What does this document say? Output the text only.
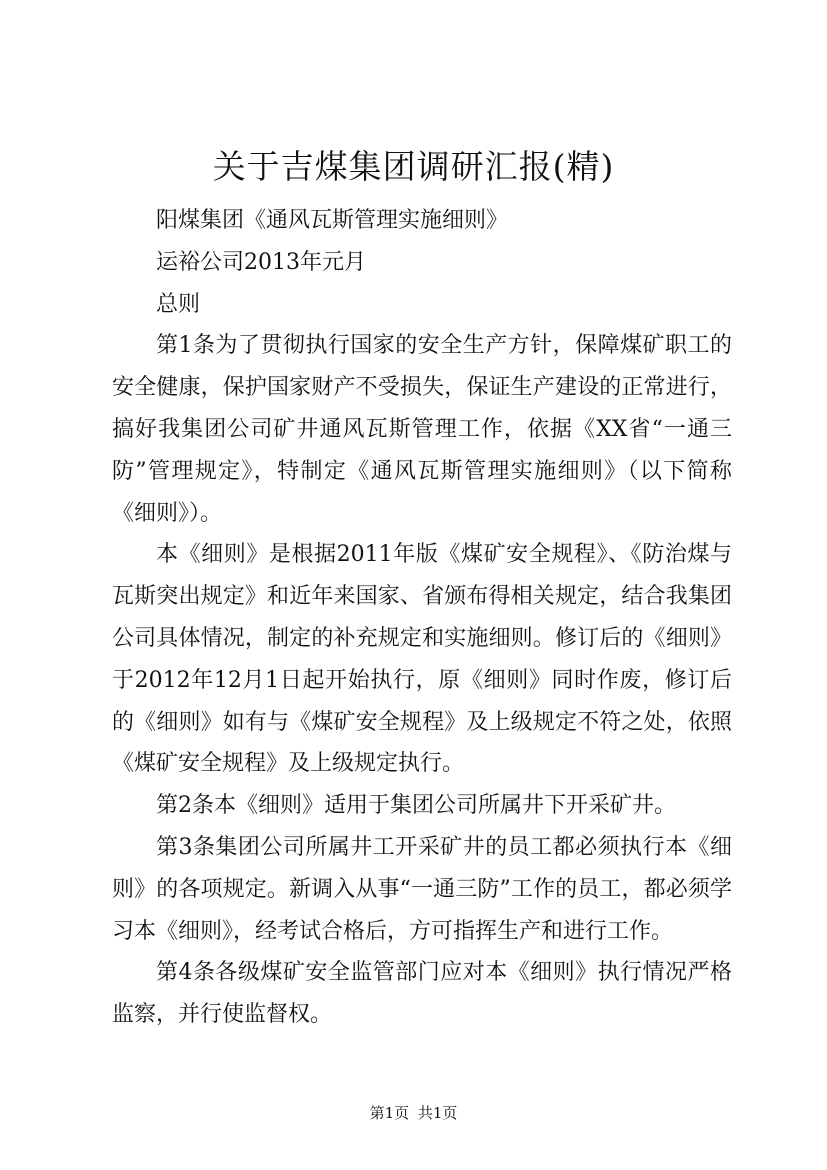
关于吉煤集团调研汇报(精)

阳煤集团《通风瓦斯管理实施细则》

运裕公司2013年元月

总则

第1条为了贯彻执行国家的安全生产方针，保障煤矿职工的安全健康，保护国家财产不受损失，保证生产建设的正常进行，搞好我集团公司矿井通风瓦斯管理工作，依据《XX省“一通三防”管理规定》，特制定《通风瓦斯管理实施细则》（以下简称《细则》）。

本《细则》是根据2011年版《煤矿安全规程》、《防治煤与瓦斯突出规定》和近年来国家、省颁布得相关规定，结合我集团公司具体情况，制定的补充规定和实施细则。修订后的《细则》于2012年12月1日起开始执行，原《细则》同时作废，修订后的《细则》如有与《煤矿安全规程》及上级规定不符之处，依照《煤矿安全规程》及上级规定执行。

第2条本《细则》适用于集团公司所属井下开采矿井。

第3条集团公司所属井工开采矿井的员工都必须执行本《细则》的各项规定。新调入从事“一通三防”工作的员工，都必须学习本《细则》，经考试合格后，方可指挥生产和进行工作。

第4条各级煤矿安全监管部门应对本《细则》执行情况严格监察，并行使监督权。

第1页 共1页
